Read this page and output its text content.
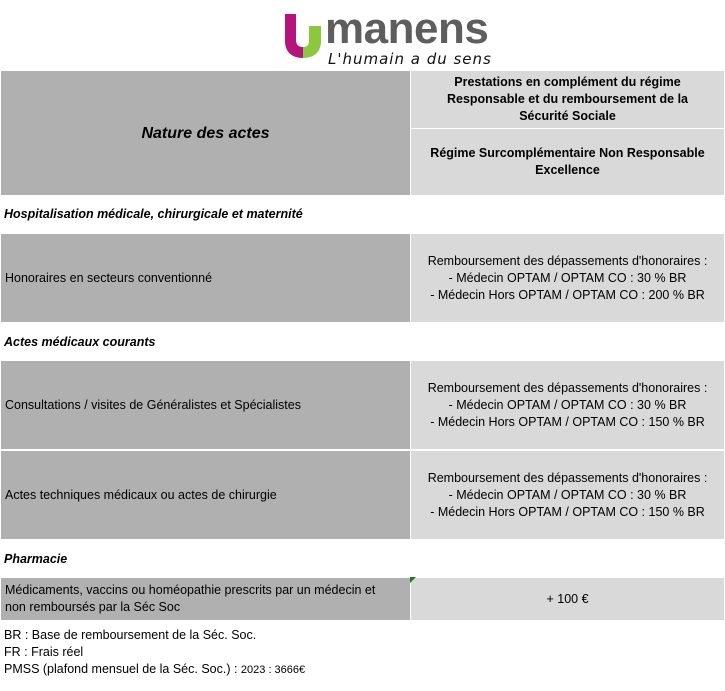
manens
L'humain a du sens
Nature des actes
Prestations en complément du régime Responsable et du remboursement de la Sécurité Sociale
Régime Surcomplémentaire Non Responsable Excellence
Hospitalisation médicale, chirurgicale et maternité
Honoraires en secteurs conventionné
Remboursement des dépassements d'honoraires :
- Médecin OPTAM / OPTAM CO : 30 % BR
- Médecin Hors OPTAM / OPTAM CO : 200 % BR
Actes médicaux courants
Consultations / visites de Généralistes et Spécialistes
Remboursement des dépassements d'honoraires :
- Médecin OPTAM / OPTAM CO : 30 % BR
- Médecin Hors OPTAM / OPTAM CO : 150 % BR
Actes techniques médicaux ou actes de chirurgie
Remboursement des dépassements d'honoraires :
- Médecin OPTAM / OPTAM CO : 30 % BR
- Médecin Hors OPTAM / OPTAM CO : 150 % BR
Pharmacie
Médicaments, vaccins ou homéopathie prescrits par un médecin et
non remboursés par la Séc Soc
+ 100 €
BR : Base de remboursement de la Séc. Soc.
FR : Frais réel
PMSS (plafond mensuel de la Séc. Soc.) : 2023 : 3666€
